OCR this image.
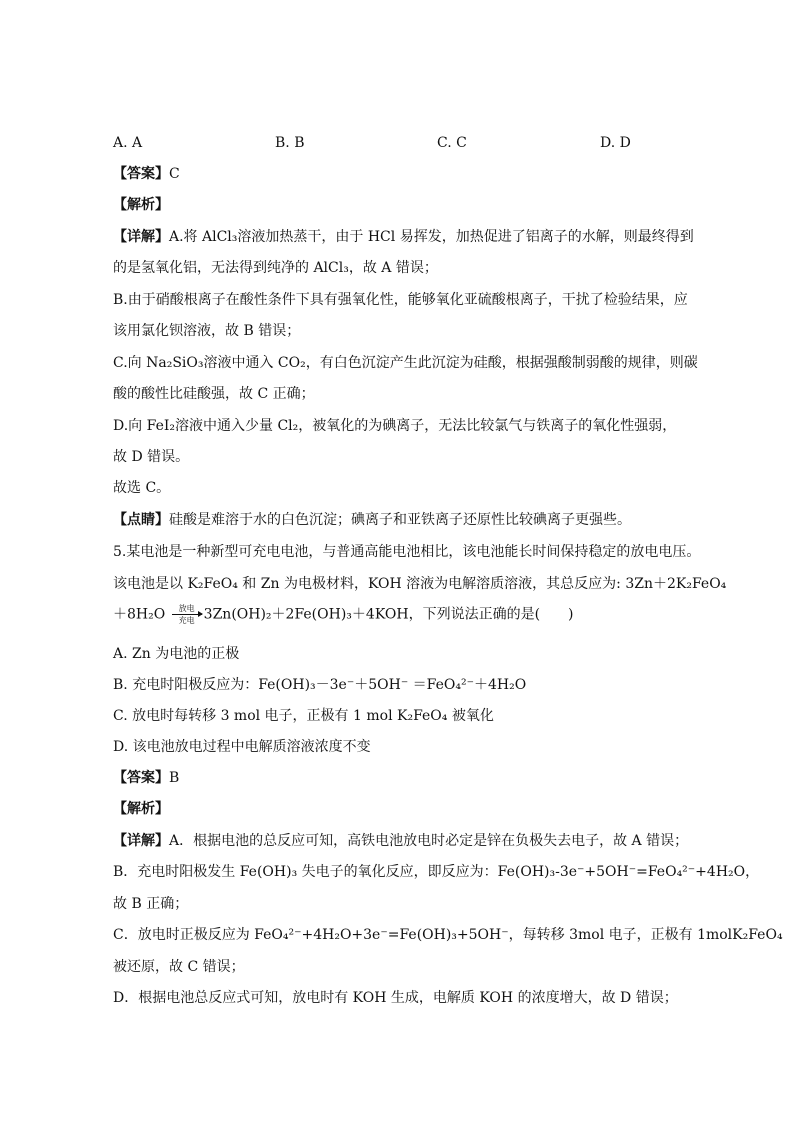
A. A	B. B	C. C	D. D
【答案】C
【解析】
【详解】A.将 AlCl₃溶液加热蒸干，由于 HCl 易挥发，加热促进了铝离子的水解，则最终得到
的是氢氧化铝，无法得到纯净的 AlCl₃，故 A 错误；
B.由于硝酸根离子在酸性条件下具有强氧化性，能够氧化亚硫酸根离子，干扰了检验结果，应
该用氯化钡溶液，故 B 错误；
C.向 Na₂SiO₃溶液中通入 CO₂，有白色沉淀产生此沉淀为硅酸，根据强酸制弱酸的规律，则碳
酸的酸性比硅酸强，故 C 正确；
D.向 FeI₂溶液中通入少量 Cl₂，被氧化的为碘离子，无法比较氯气与铁离子的氧化性强弱，
故 D 错误。
故选 C。
【点睛】硅酸是难溶于水的白色沉淀；碘离子和亚铁离子还原性比较碘离子更强些。
5.某电池是一种新型可充电电池，与普通高能电池相比，该电池能长时间保持稳定的放电电压。
该电池是以 K₂FeO₄ 和 Zn 为电极材料，KOH 溶液为电解溶质溶液，其总反应为: 3Zn＋2K₂FeO₄
＋8H₂O	放电
充电 3Zn(OH)₂＋2Fe(OH)₃＋4KOH，下列说法正确的是(　　)
A. Zn 为电池的正极
B. 充电时阳极反应为：Fe(OH)₃－3e⁻＋5OH⁻ ＝FeO₄²⁻＋4H₂O
C. 放电时每转移 3 mol 电子，正极有 1 mol K₂FeO₄ 被氧化
D. 该电池放电过程中电解质溶液浓度不变
【答案】B
【解析】
【详解】A．根据电池的总反应可知，高铁电池放电时必定是锌在负极失去电子，故 A 错误；
B．充电时阳极发生 Fe(OH)₃ 失电子的氧化反应，即反应为：Fe(OH)₃-3e⁻+5OH⁻=FeO₄²⁻+4H₂O，
故 B 正确；
C．放电时正极反应为 FeO₄²⁻+4H₂O+3e⁻=Fe(OH)₃+5OH⁻，每转移 3mol 电子，正极有 1molK₂FeO₄
被还原，故 C 错误；
D．根据电池总反应式可知，放电时有 KOH 生成，电解质 KOH 的浓度增大，故 D 错误；
